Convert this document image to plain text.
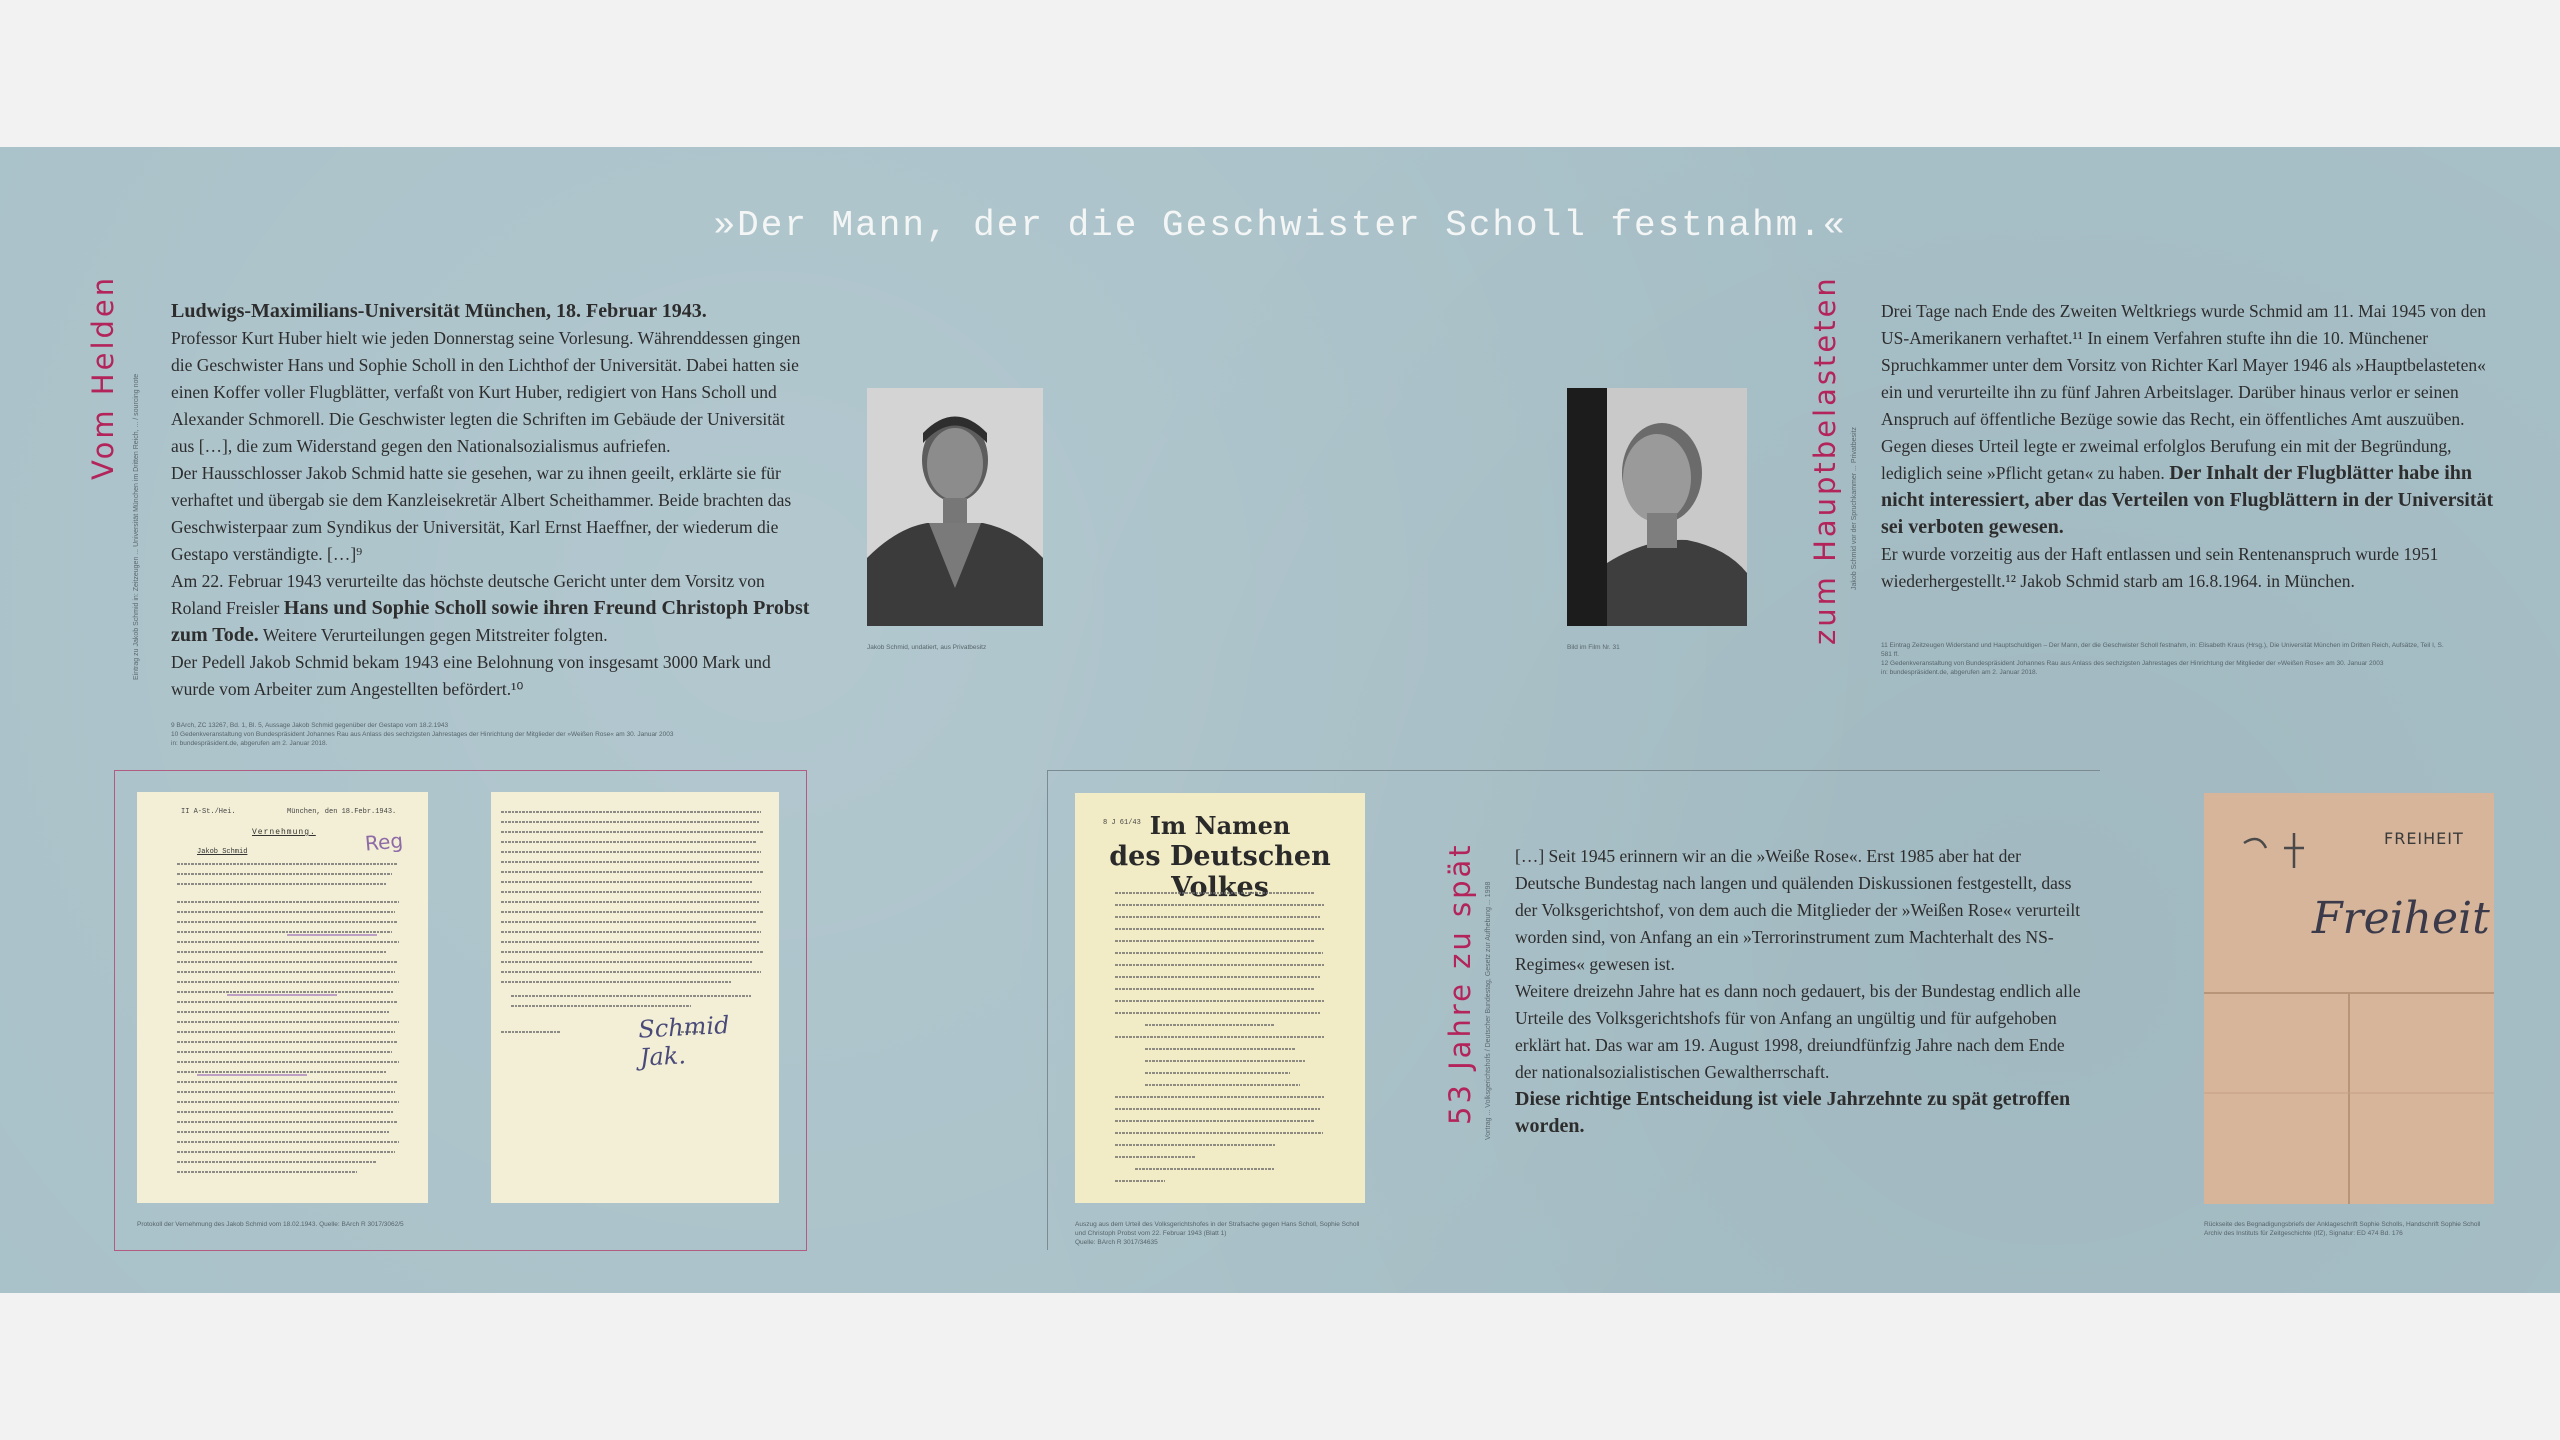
»Der Mann, der die Geschwister Scholl festnahm.«
Vom Helden Eintrag zu Jakob Schmid in: Zeitzeugen ... Universität München im Dritten Reich, ... / sourcing note

Ludwigs-Maximilians-Universität München, 18. Februar 1943.

Professor Kurt Huber hielt wie jeden Donnerstag seine Vorlesung. Währenddessen gingen die Geschwister Hans und Sophie Scholl in den Lichthof der Universität. Dabei hatten sie einen Koffer voller Flugblätter, verfaßt von Kurt Huber, redigiert von Hans Scholl und Alexander Schmorell. Die Geschwister legten die Schriften im Gebäude der Universität aus […], die zum Widerstand gegen den Nationalsozialismus aufriefen.

Der Hausschlosser Jakob Schmid hatte sie gesehen, war zu ihnen geeilt, erklärte sie für verhaftet und übergab sie dem Kanzleisekretär Albert Scheithammer. Beide brachten das Geschwisterpaar zum Syndikus der Universität, Karl Ernst Haeffner, der wiederum die Gestapo verständigte. […]⁹

Am 22. Februar 1943 verurteilte das höchste deutsche Gericht unter dem Vorsitz von Roland Freisler Hans und Sophie Scholl sowie ihren Freund Christoph Probst zum Tode. Weitere Verurteilungen gegen Mitstreiter folgten.

Der Pedell Jakob Schmid bekam 1943 eine Belohnung von insgesamt 3000 Mark und wurde vom Arbeiter zum Angestellten befördert.¹⁰

9 BArch, ZC 13267, Bd. 1, Bl. 5, Aussage Jakob Schmid gegenüber der Gestapo vom 18.2.1943
10 Gedenkveranstaltung von Bundespräsident Johannes Rau aus Anlass des sechzigsten Jahrestages der Hinrichtung der Mitglieder der »Weißen Rose« am 30. Januar 2003
in: bundespräsident.de, abgerufen am 2. Januar 2018.
Jakob Schmid, undatiert, aus Privatbesitz	Bild im Film Nr. 31
zum Hauptbelasteten Jakob Schmid vor der Spruchkammer ... Privatbesitz

Drei Tage nach Ende des Zweiten Weltkriegs wurde Schmid am 11. Mai 1945 von den US-Amerikanern verhaftet.¹¹ In einem Verfahren stufte ihn die 10. Münchener Spruchkammer unter dem Vorsitz von Richter Karl Mayer 1946 als »Hauptbelasteten« ein und verurteilte ihn zu fünf Jahren Arbeitslager. Darüber hinaus verlor er seinen Anspruch auf öffentliche Bezüge sowie das Recht, ein öffentliches Amt auszuüben. Gegen dieses Urteil legte er zweimal erfolglos Berufung ein mit der Begründung, lediglich seine »Pflicht getan« zu haben. Der Inhalt der Flugblätter habe ihn nicht interessiert, aber das Verteilen von Flugblättern in der Universität sei verboten gewesen.

Er wurde vorzeitig aus der Haft entlassen und sein Rentenanspruch wurde 1951 wiederhergestellt.¹² Jakob Schmid starb am 16.8.1964. in München.

11 Eintrag Zeitzeugen Widerstand und Hauptschuldigen – Der Mann, der die Geschwister Scholl festnahm, in: Elisabeth Kraus (Hrsg.), Die Universität München im Dritten Reich, Aufsätze, Teil I, S. 581 ff.
12 Gedenkveranstaltung von Bundespräsident Johannes Rau aus Anlass des sechzigsten Jahrestages der Hinrichtung der Mitglieder der »Weißen Rose« am 30. Januar 2003
in: bundespräsident.de, abgerufen am 2. Januar 2018.
II A-St./Hei.	München, den 18.Febr.1943.
Vernehmung.
Jakob Schmid	Reg
Schmid Jak.
Protokoll der Vernehmung des Jakob Schmid vom 18.02.1943. Quelle: BArch R 3017/3062/5
8 J 61/43 Im Namen
des Deutschen Volkes
Auszug aus dem Urteil des Volksgerichtshofes in der Strafsache gegen Hans Scholl, Sophie Scholl
und Christoph Probst vom 22. Februar 1943 (Blatt 1)
Quelle: BArch R 3017/34635
53 Jahre zu spät Vortrag ... Volksgerichtshofs / Deutscher Bundestag, Gesetz zur Aufhebung ... 1998

[…] Seit 1945 erinnern wir an die »Weiße Rose«. Erst 1985 aber hat der Deutsche Bundestag nach langen und quälenden Diskussionen festgestellt, dass der Volksgerichtshof, von dem auch die Mitglieder der »Weißen Rose« verurteilt worden sind, von Anfang an ein »Terrorinstrument zum Machterhalt des NS-Regimes« gewesen ist.

Weitere dreizehn Jahre hat es dann noch gedauert, bis der Bundestag endlich alle Urteile des Volksgerichtshofs für von Anfang an ungültig und für aufgehoben erklärt hat. Das war am 19. August 1998, dreiundfünfzig Jahre nach dem Ende der nationalsozialistischen Gewaltherrschaft.

Diese richtige Entscheidung ist viele Jahrzehnte zu spät getroffen worden.

FREIHEIT
Freiheit
Rückseite des Begnadigungsbriefs der Anklageschrift Sophie Scholls, Handschrift Sophie Scholl
Archiv des Instituts für Zeitgeschichte (IfZ), Signatur: ED 474 Bd. 176
